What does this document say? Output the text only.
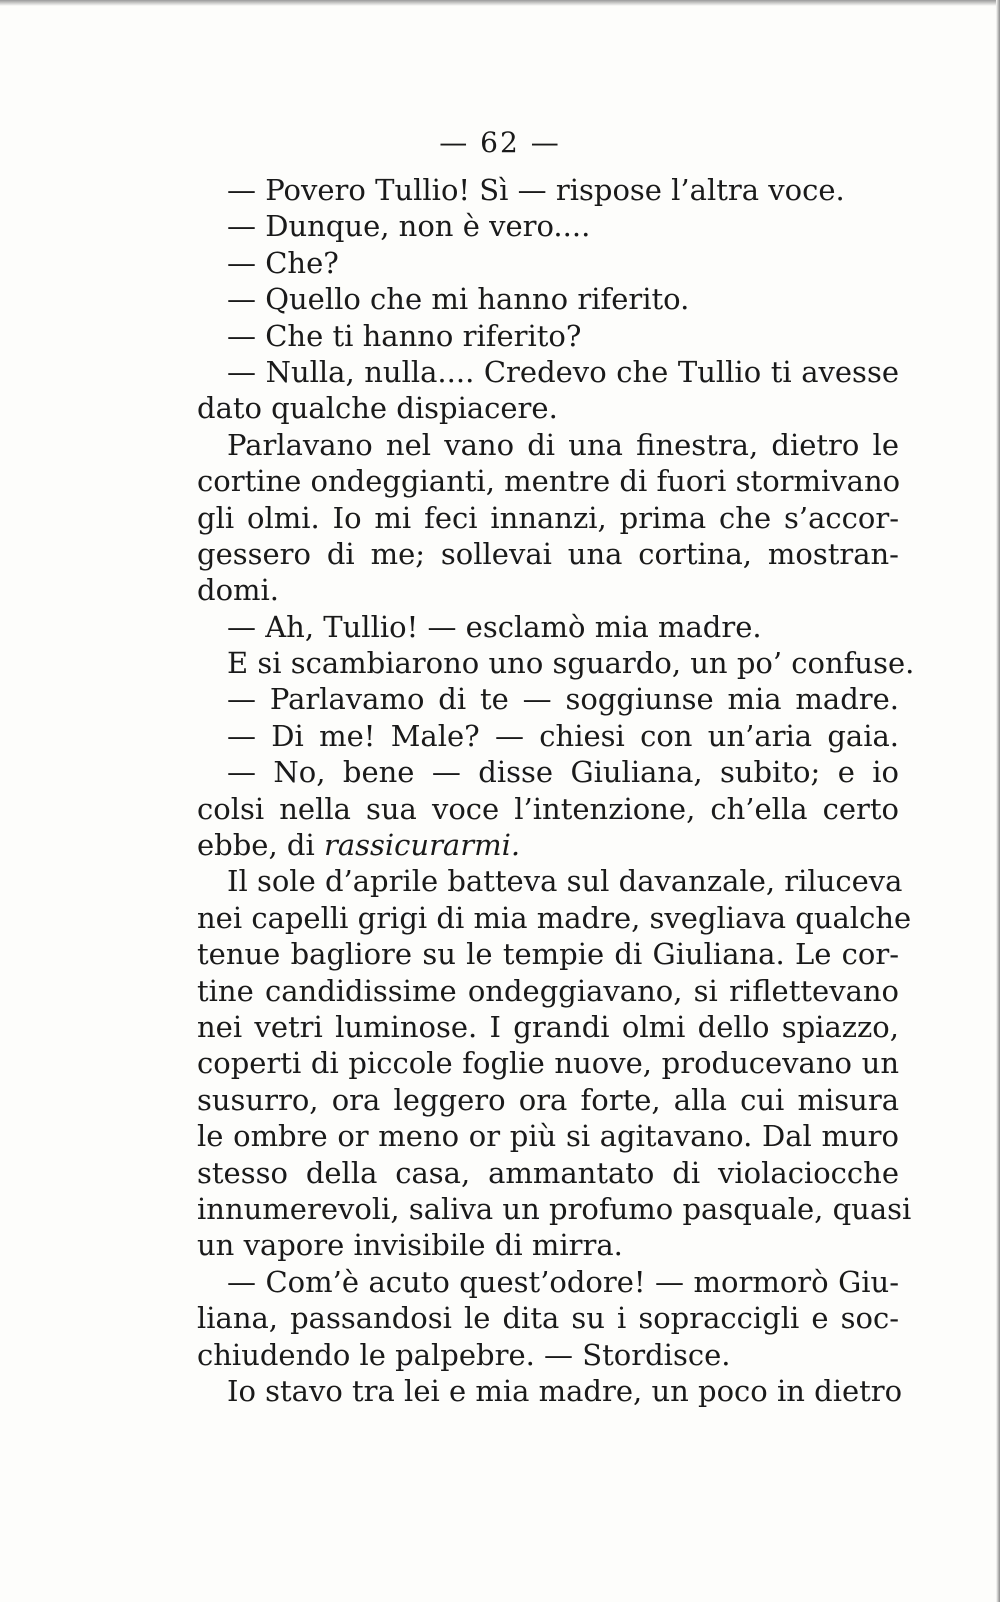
— 62 —
— Povero Tullio! Sì — rispose l’altra voce.
— Dunque, non è vero....
— Che?
— Quello che mi hanno riferito.
— Che ti hanno riferito?
— Nulla, nulla.... Credevo che Tullio ti avesse
dato qualche dispiacere.
Parlavano nel vano di una finestra, dietro le
cortine ondeggianti, mentre di fuori stormivano
gli olmi. Io mi feci innanzi, prima che s’accor-
gessero di me; sollevai una cortina, mostran-
domi.
— Ah, Tullio! — esclamò mia madre.
E si scambiarono uno sguardo, un po’ confuse.
— Parlavamo di te — soggiunse mia madre.
— Di me! Male? — chiesi con un’aria gaia.
— No, bene — disse Giuliana, subito; e io
colsi nella sua voce l’intenzione, ch’ella certo
ebbe, di rassicurarmi.
Il sole d’aprile batteva sul davanzale, riluceva
nei capelli grigi di mia madre, svegliava qualche
tenue bagliore su le tempie di Giuliana. Le cor-
tine candidissime ondeggiavano, si riflettevano
nei vetri luminose. I grandi olmi dello spiazzo,
coperti di piccole foglie nuove, producevano un
susurro, ora leggero ora forte, alla cui misura
le ombre or meno or più si agitavano. Dal muro
stesso della casa, ammantato di violaciocche
innumerevoli, saliva un profumo pasquale, quasi
un vapore invisibile di mirra.
— Com’è acuto quest’odore! — mormorò Giu-
liana, passandosi le dita su i sopraccigli e soc-
chiudendo le palpebre. — Stordisce.
Io stavo tra lei e mia madre, un poco in dietro
